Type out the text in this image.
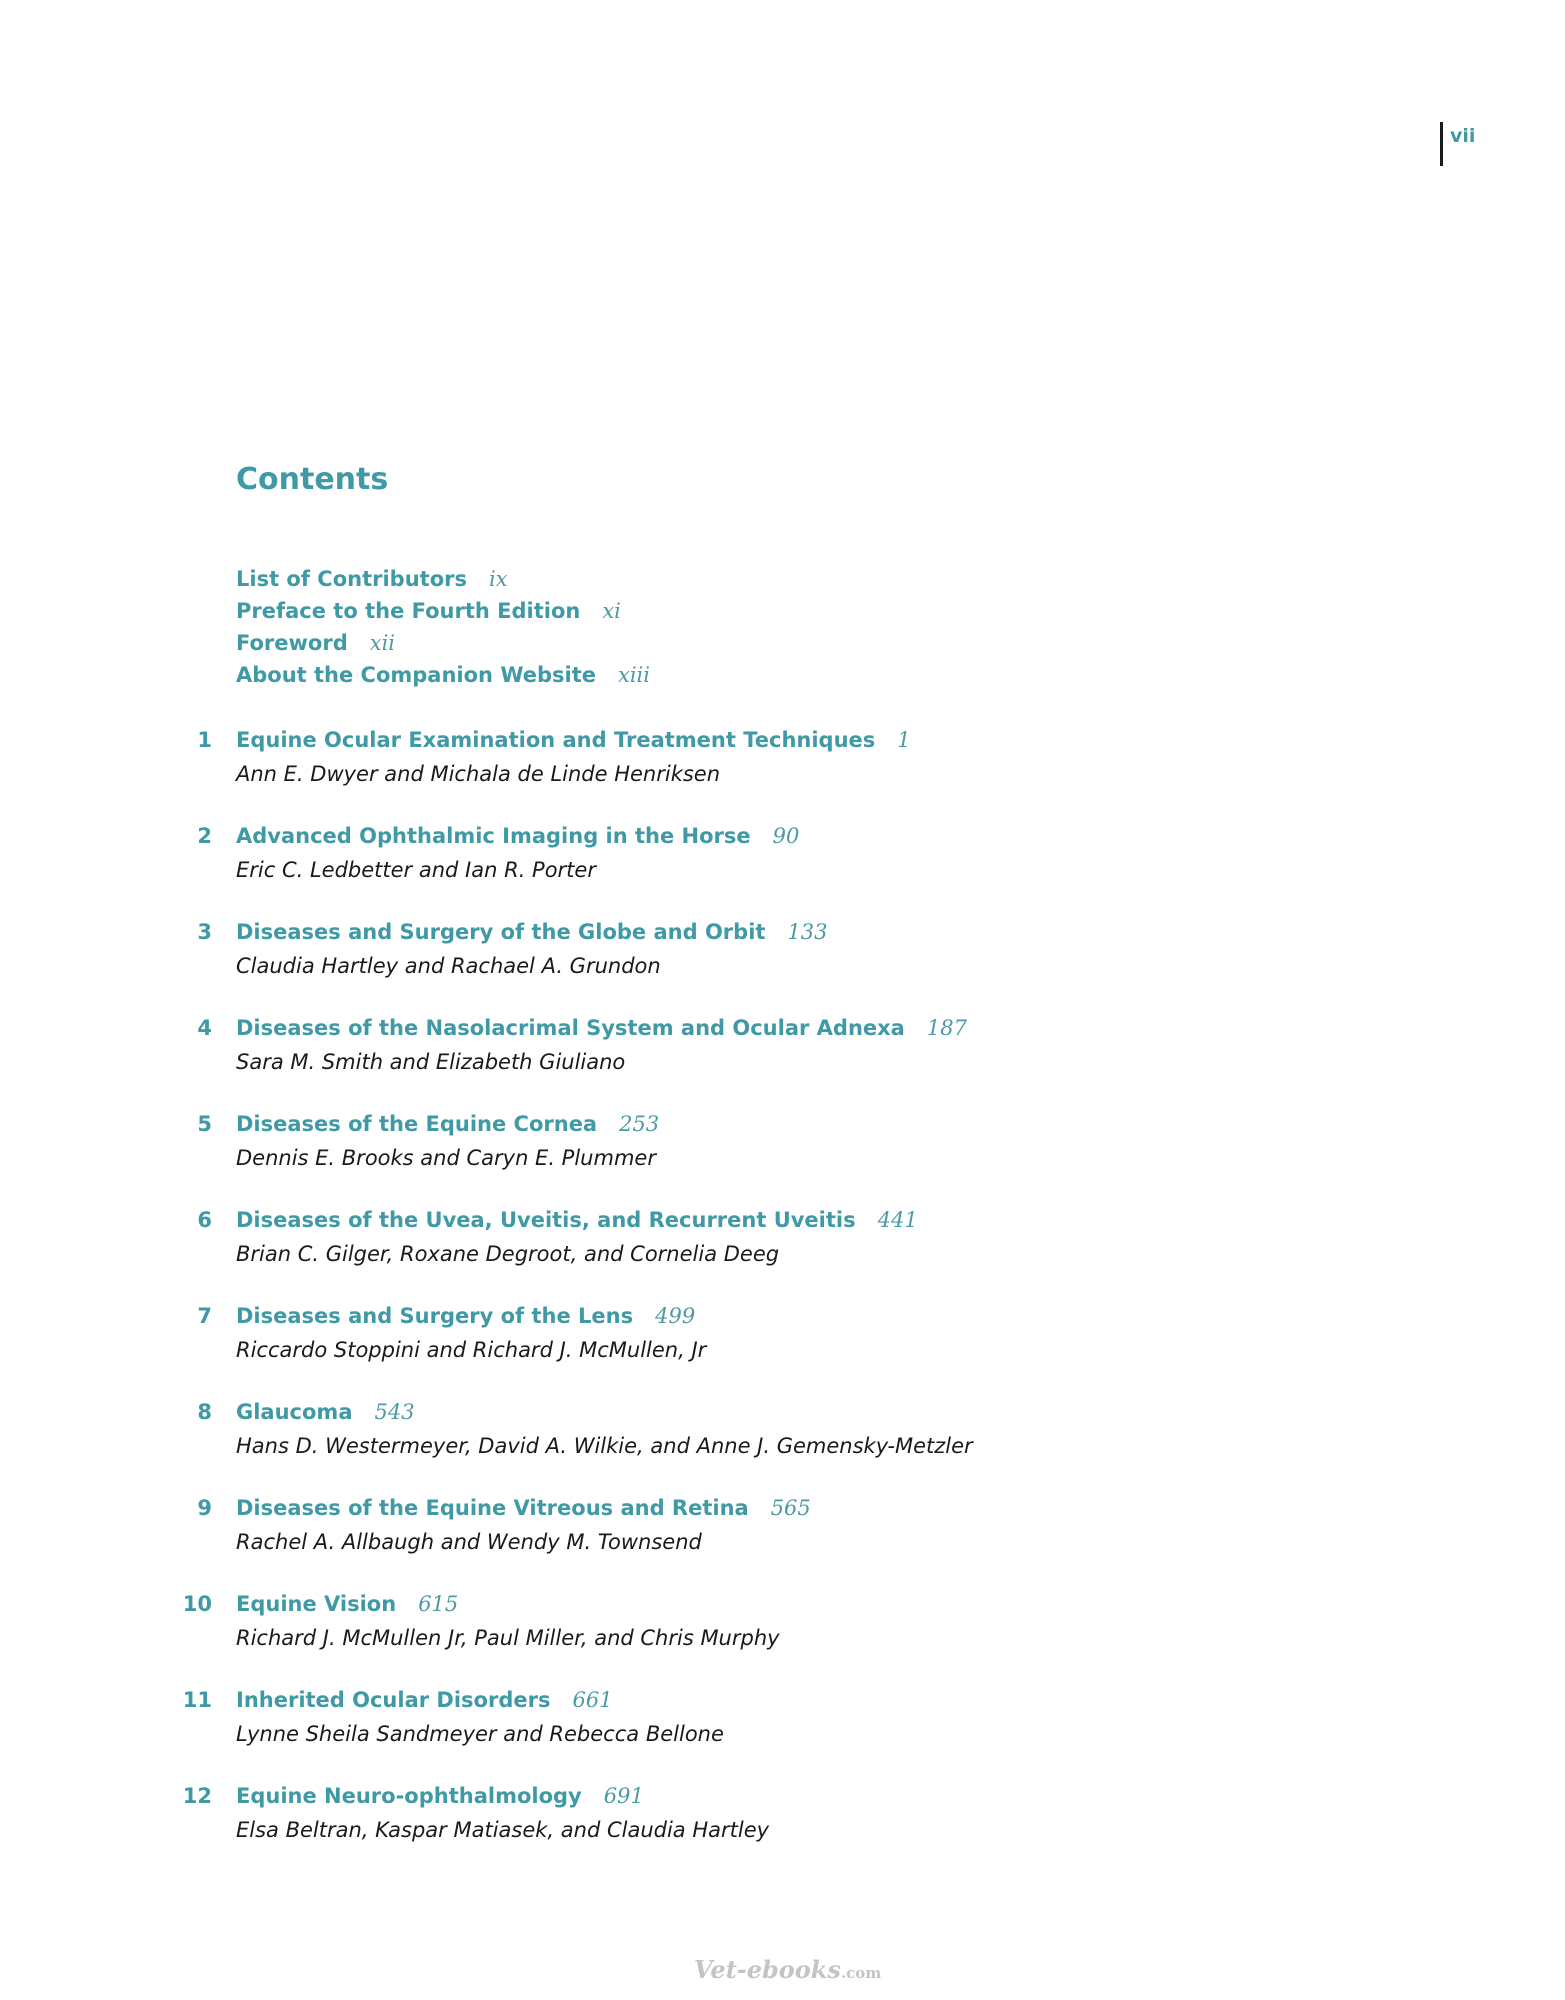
vii
Contents
List of Contributors ix
Preface to the Fourth Edition xi
Foreword xii
About the Companion Website xiii
1 Equine Ocular Examination and Treatment Techniques 1
Ann E. Dwyer and Michala de Linde Henriksen
2 Advanced Ophthalmic Imaging in the Horse 90
Eric C. Ledbetter and Ian R. Porter
3 Diseases and Surgery of the Globe and Orbit 133
Claudia Hartley and Rachael A. Grundon
4 Diseases of the Nasolacrimal System and Ocular Adnexa 187
Sara M. Smith and Elizabeth Giuliano
5 Diseases of the Equine Cornea 253
Dennis E. Brooks and Caryn E. Plummer
6 Diseases of the Uvea, Uveitis, and Recurrent Uveitis 441
Brian C. Gilger, Roxane Degroot, and Cornelia Deeg
7 Diseases and Surgery of the Lens 499
Riccardo Stoppini and Richard J. McMullen, Jr
8 Glaucoma 543
Hans D. Westermeyer, David A. Wilkie, and Anne J. Gemensky-Metzler
9 Diseases of the Equine Vitreous and Retina 565
Rachel A. Allbaugh and Wendy M. Townsend
10 Equine Vision 615
Richard J. McMullen Jr, Paul Miller, and Chris Murphy
11 Inherited Ocular Disorders 661
Lynne Sheila Sandmeyer and Rebecca Bellone
12 Equine Neuro-ophthalmology 691
Elsa Beltran, Kaspar Matiasek, and Claudia Hartley
Vet-ebooks.com
